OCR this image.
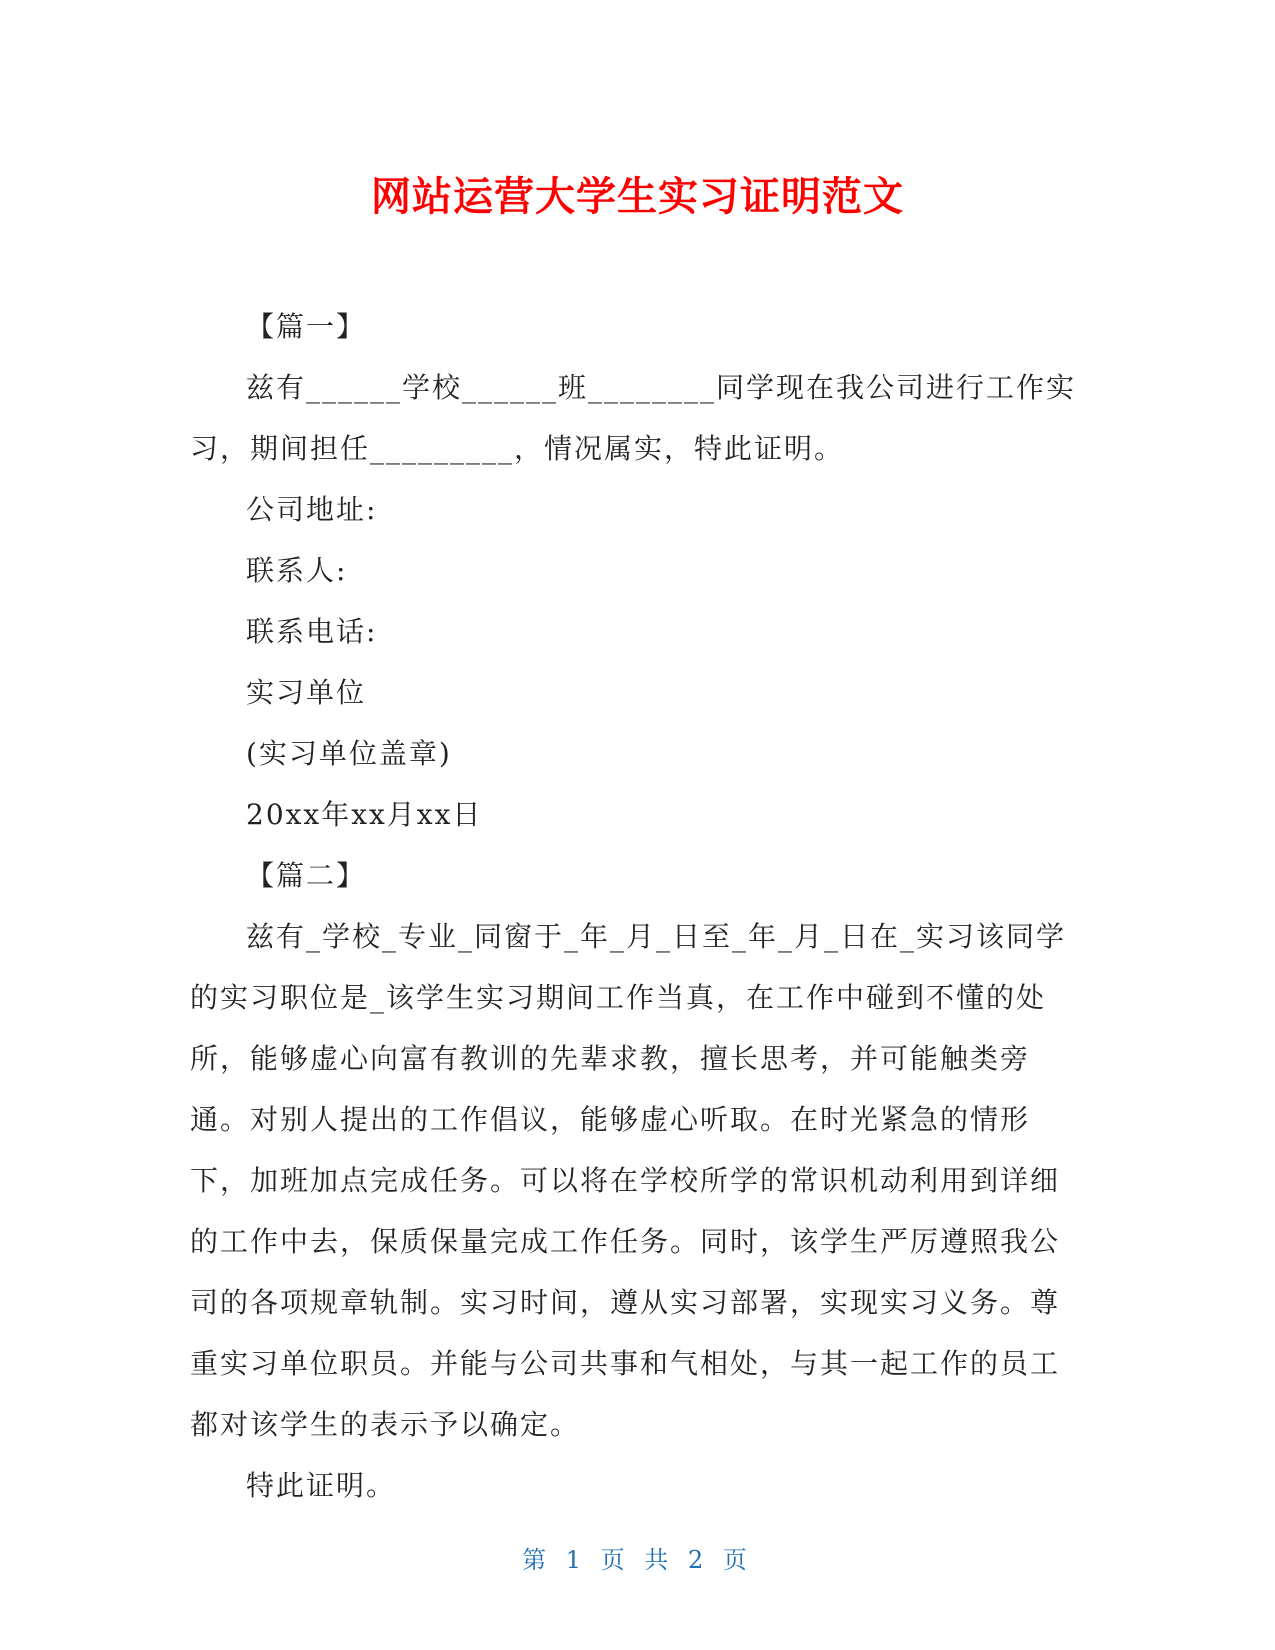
网站运营大学生实习证明范文

【篇一】

兹有______学校______班________同学现在我公司进行工作实习，期间担任_________，情况属实，特此证明。

公司地址:

联系人:

联系电话:

实习单位

(实习单位盖章)

20xx年xx月xx日

【篇二】

兹有_学校_专业_同窗于_年_月_日至_年_月_日在_实习该同学的实习职位是_该学生实习期间工作当真，在工作中碰到不懂的处所，能够虚心向富有教训的先辈求教，擅长思考，并可能触类旁通。对别人提出的工作倡议，能够虚心听取。在时光紧急的情形下，加班加点完成任务。可以将在学校所学的常识机动利用到详细的工作中去，保质保量完成工作任务。同时，该学生严厉遵照我公司的各项规章轨制。实习时间，遵从实习部署，实现实习义务。尊重实习单位职员。并能与公司共事和气相处，与其一起工作的员工都对该学生的表示予以确定。

特此证明。

第 1 页 共 2 页
